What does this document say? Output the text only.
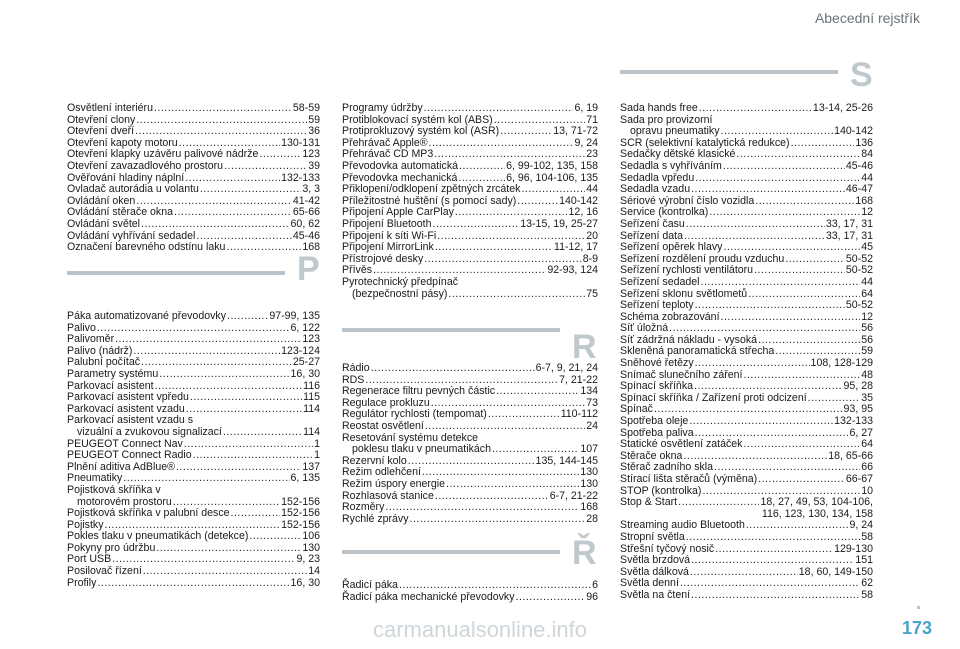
Abecední rejstřík
Osvětlení interiéru .....	58-59
Otevření clony .....	59
Otevření dveří .....	36
Otevření kapoty motoru .....	130-131
Otevření klapky uzávěru palivové nádrže .....	123
Otevření zavazadlového prostoru .....	39
Ověřování hladiny náplní .....	132-133
Ovladač autorádia u volantu .....	3, 3
Ovládání oken .....	41-42
Ovládání stěrače okna .....	65-66
Ovládání světel .....	60, 62
Ovládání vyhřívání sedadel .....	45-46
Označení barevného odstínu laku .....	168
P
Páka automatizované převodovky .....	97-99, 135
Palivo .....	6, 122
Palivoměr .....	123
Palivo (nádrž) .....	123-124
Palubní počítač .....	25-27
Parametry systému .....	16, 30
Parkovací asistent .....	116
Parkovací asistent vpředu .....	115
Parkovací asistent vzadu .....	114
Parkovací asistent vzadu s
vizuální a zvukovou signalizací .....	114
PEUGEOT Connect Nav .....	1
PEUGEOT Connect Radio .....	1
Plnění aditiva AdBlue® .....	137
Pneumatiky .....	6, 135
Pojistková skříňka v
motorovém prostoru .....	152-156
Pojistková skříňka v palubní desce .....	152-156
Pojistky .....	152-156
Pokles tlaku v pneumatikách (detekce) .....	106
Pokyny pro údržbu .....	130
Port USB .....	9, 23
Posilovač řízení .....	14
Profily .....	16, 30
Programy údržby .....	6, 19
Protiblokovací systém kol (ABS) .....	71
Protiprokluzový systém kol (ASR) .....	13, 71-72
Přehrávač Apple® .....	9, 24
Přehrávač CD MP3 .....	23
Převodovka automatická .....	6, 99-102, 135, 158
Převodovka mechanická .....	6, 96, 104-106, 135
Přiklopení/odklopení zpětných zrcátek .....	44
Příležitostné huštění (s pomocí sady) .....	140-142
Připojení Apple CarPlay .....	12, 16
Připojení Bluetooth .....	13-15, 19, 25-27
Připojení k síti Wi-Fi .....	20
Připojení MirrorLink .....	11-12, 17
Přístrojové desky .....	8-9
Přívěs .....	92-93, 124
Pyrotechnický předpínač
(bezpečnostní pásy) .....	75
R
Rádio .....	6-7, 9, 21, 24
RDS .....	7, 21-22
Regenerace filtru pevných částic .....	134
Regulace prokluzu .....	73
Regulátor rychlosti (tempomat) .....	110-112
Reostat osvětlení .....	24
Resetování systému detekce
poklesu tlaku v pneumatikách .....	107
Rezervní kolo .....	135, 144-145
Režim odlehčení .....	130
Režim úspory energie .....	130
Rozhlasová stanice .....	6-7, 21-22
Rozměry .....	168
Rychlé zprávy .....	28
Ř
Řadicí páka .....	6
Řadicí páka mechanické převodovky .....	96
S
Sada hands free .....	13-14, 25-26
Sada pro provizorní
opravu pneumatiky .....	140-142
SCR (selektivní katalytická redukce) .....	136
Sedačky dětské klasické .....	84
Sedadla s vyhříváním .....	45-46
Sedadla vpředu .....	44
Sedadla vzadu .....	46-47
Sériové výrobní číslo vozidla .....	168
Service (kontrolka) .....	12
Seřízení času .....	33, 17, 31
Seřízení data .....	33, 17, 31
Seřízení opěrek hlavy .....	45
Seřízení rozdělení proudu vzduchu .....	50-52
Seřízení rychlosti ventilátoru .....	50-52
Seřízení sedadel .....	44
Seřízení sklonu světlometů .....	64
Seřízení teploty .....	50-52
Schéma zobrazování .....	12
Síť úložná .....	56
Síť zádržná nákladu - vysoká .....	56
Skleněná panoramatická střecha .....	59
Sněhové řetězy .....	108, 128-129
Snímač slunečního záření .....	48
Spínací skříňka .....	95, 28
Spínací skříňka / Zařízení proti odcizení .....	35
Spínač .....	93, 95
Spotřeba oleje .....	132-133
Spotřeba paliva .....	6, 27
Statické osvětlení zatáček .....	64
Stěrače okna .....	18, 65-66
Stěrač zadního skla .....	66
Stírací lišta stěračů (výměna) .....	66-67
STOP (kontrolka) .....	10
Stop & Start .....	18, 27, 49, 53, 104-106,
116, 123, 130, 134, 158
Streaming audio Bluetooth .....	9, 24
Stropní světla .....	58
Střešní tyčový nosič .....	129-130
Světla brzdová .....	151
Světla dálková .....	18, 60, 149-150
Světla denní .....	62
Světla na čtení .....	58
173
carmanualsonline.info
